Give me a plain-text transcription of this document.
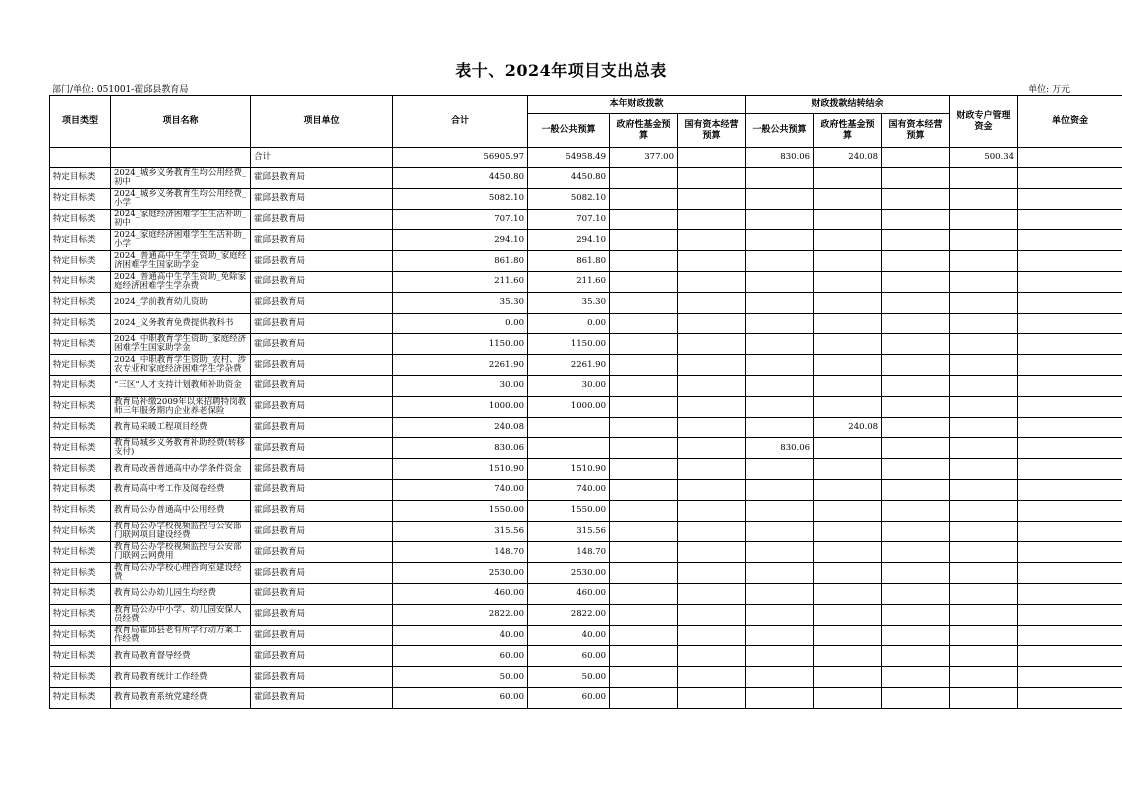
表十、2024年项目支出总表
部门/单位: 051001-霍邱县教育局	单位: 万元
项目类型	项目名称	项目单位	合计	本年财政拨款			财政拨款结转结余			财政专户管理资金	单位资金
				一般公共预算	政府性基金预算	国有资本经营预算	一般公共预算	政府性基金预算	国有资本经营预算		
		合计	56905.97	54958.49	377.00		830.06	240.08		500.34	
特定目标类	2024_城乡义务教育生均公用经费_初中	霍邱县教育局	4450.80	4450.80							
特定目标类	2024_城乡义务教育生均公用经费_小学	霍邱县教育局	5082.10	5082.10							
特定目标类	2024_家庭经济困难学生生活补助_初中	霍邱县教育局	707.10	707.10							
特定目标类	2024_家庭经济困难学生生活补助_小学	霍邱县教育局	294.10	294.10							
特定目标类	2024_普通高中生学生资助_家庭经济困难学生国家助学金	霍邱县教育局	861.80	861.80							
特定目标类	2024_普通高中生学生资助_免除家庭经济困难学生学杂费	霍邱县教育局	211.60	211.60							
特定目标类	2024_学前教育幼儿资助	霍邱县教育局	35.30	35.30							
特定目标类	2024_义务教育免费提供教科书	霍邱县教育局	0.00	0.00							
特定目标类	2024_中职教育学生资助_家庭经济困难学生国家助学金	霍邱县教育局	1150.00	1150.00							
特定目标类	2024_中职教育学生资助_农村、涉农专业和家庭经济困难学生学杂费	霍邱县教育局	2261.90	2261.90							
特定目标类	“三区”人才支持计划教师补助资金	霍邱县教育局	30.00	30.00							
特定目标类	教育局补缴2009年以来招聘特岗教师三年服务期内企业养老保险	霍邱县教育局	1000.00	1000.00							
特定目标类	教育局采暖工程项目经费	霍邱县教育局	240.08					240.08			
特定目标类	教育局城乡义务教育补助经费(转移支付)	霍邱县教育局	830.06				830.06				
特定目标类	教育局改善普通高中办学条件资金	霍邱县教育局	1510.90	1510.90							
特定目标类	教育局高中考工作及阅卷经费	霍邱县教育局	740.00	740.00							
特定目标类	教育局公办普通高中公用经费	霍邱县教育局	1550.00	1550.00							
特定目标类	教育局公办学校视频监控与公安部门联网项目建设经费	霍邱县教育局	315.56	315.56							
特定目标类	教育局公办学校视频监控与公安部门联网云网费用	霍邱县教育局	148.70	148.70							
特定目标类	教育局公办学校心理咨询室建设经费	霍邱县教育局	2530.00	2530.00							
特定目标类	教育局公办幼儿园生均经费	霍邱县教育局	460.00	460.00							
特定目标类	教育局公办中小学、幼儿园安保人员经费	霍邱县教育局	2822.00	2822.00							
特定目标类	教育局霍邱县老有所学行动方案工作经费	霍邱县教育局	40.00	40.00							
特定目标类	教育局教育督导经费	霍邱县教育局	60.00	60.00							
特定目标类	教育局教育统计工作经费	霍邱县教育局	50.00	50.00							
特定目标类	教育局教育系统党建经费	霍邱县教育局	60.00	60.00							
